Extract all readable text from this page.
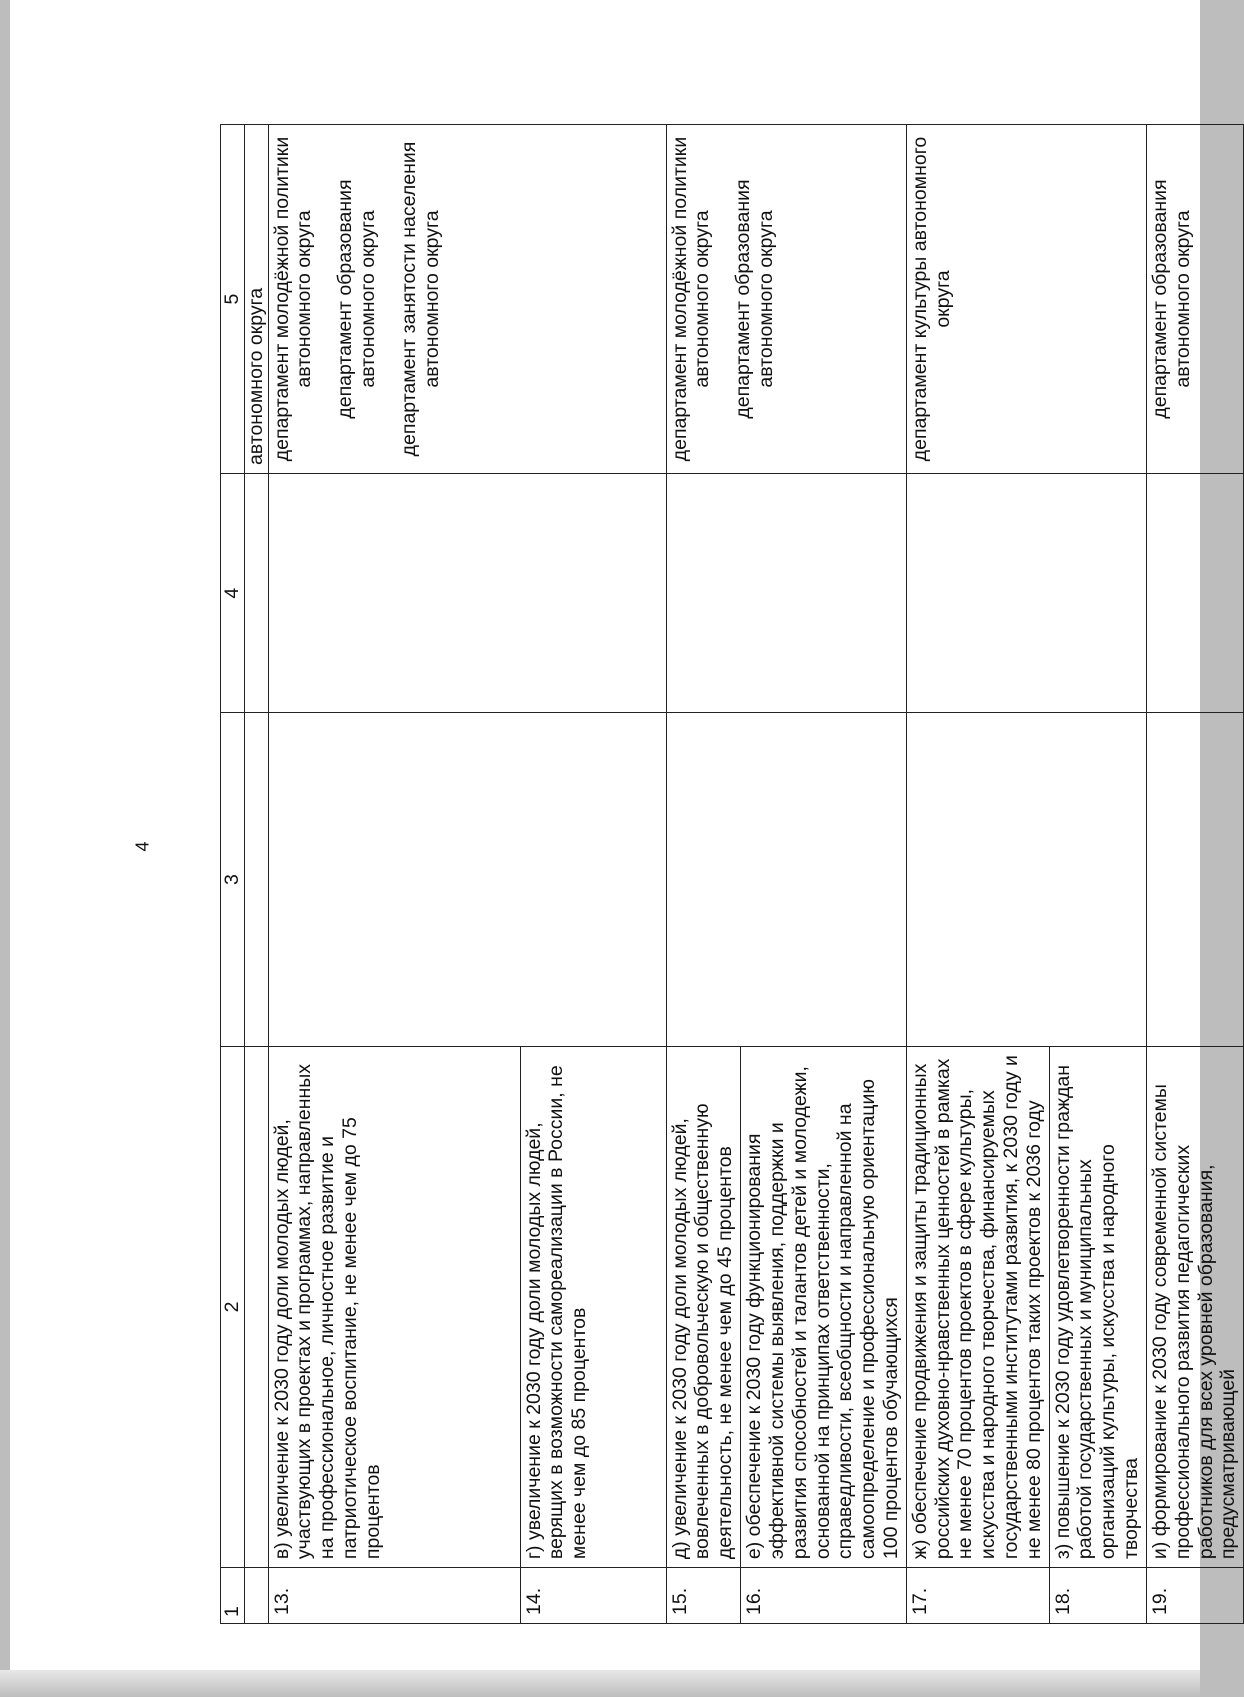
4
1	2	3	4	5
				автономного округа
13.	в) увеличение к 2030 году доли молодых людей, участвующих в проектах и программах, направленных на профессиональное, личностное развитие и патриотическое воспитание, не менее чем до 75 процентов			департамент молодёжной политики автономного округа департамент образования автономного округа департамент занятости населения автономного округа

14.	г) увеличение к 2030 году доли молодых людей, верящих в возможности самореализации в России, не менее чем до 85 процентов			
15.	д) увеличение к 2030 году доли молодых людей, вовлеченных в добровольческую и общественную деятельность, не менее чем до 45 процентов			департамент молодёжной политики автономного округа департамент образования автономного округа

16.	е) обеспечение к 2030 году функционирования эффективной системы выявления, поддержки и развития способностей и талантов детей и молодежи, основанной на принципах ответственности, справедливости, всеобщности и направленной на самоопределение и профессиональную ориентацию 100 процентов обучающихся			
17.	ж) обеспечение продвижения и защиты традиционных российских духовно-нравственных ценностей в рамках не менее 70 процентов проектов в сфере культуры, искусства и народного творчества, финансируемых государственными институтами развития, к 2030 году и не менее 80 процентов таких проектов к 2036 году			департамент культуры автономного округа

18.	з) повышение к 2030 году удовлетворенности граждан работой государственных и муниципальных организаций культуры, искусства и народного творчества			
19.	и) формирование к 2030 году современной системы профессионального развития педагогических работников для всех уровней образования, предусматривающей			департамент образования автономного округа
